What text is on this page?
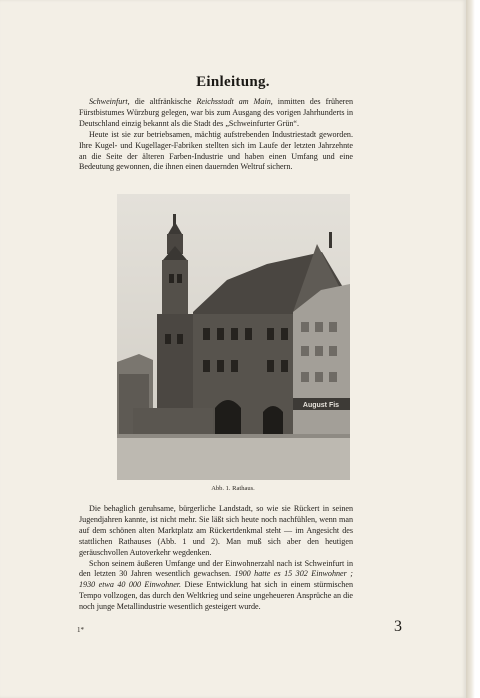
Einleitung.

Schweinfurt, die altfränkische Reichsstadt am Main, inmitten des früheren Fürstbistumes Würzburg gelegen, war bis zum Ausgang des vorigen Jahrhunderts in Deutschland einzig bekannt als die Stadt des „Schweinfurter Grün“.

Heute ist sie zur betriebsamen, mächtig aufstrebenden Industriestadt geworden. Ihre Kugel- und Kugellager-Fabriken stellten sich im Laufe der letzten Jahrzehnte an die Seite der älteren Farben-Industrie und haben einen Umfang und eine Bedeutung gewonnen, die ihnen einen dauernden Weltruf sichern.

August Fis
Abb. 1. Rathaus.

Die behaglich geruhsame, bürgerliche Landstadt, so wie sie Rückert in seinen Jugendjahren kannte, ist nicht mehr. Sie läßt sich heute noch nachfühlen, wenn man auf dem schönen alten Marktplatz am Rückertdenkmal steht — im Angesicht des stattlichen Rathauses (Abb. 1 und 2). Man muß sich aber den heutigen geräuschvollen Autoverkehr wegdenken.

Schon seinem äußeren Umfange und der Einwohnerzahl nach ist Schweinfurt in den letzten 30 Jahren wesentlich gewachsen. 1900 hatte es 15 302 Einwohner ; 1930 etwa 40 000 Einwohner. Diese Entwicklung hat sich in einem stürmischen Tempo vollzogen, das durch den Weltkrieg und seine ungeheueren Ansprüche an die noch junge Metallindustrie wesentlich gesteigert wurde.

1*	3
